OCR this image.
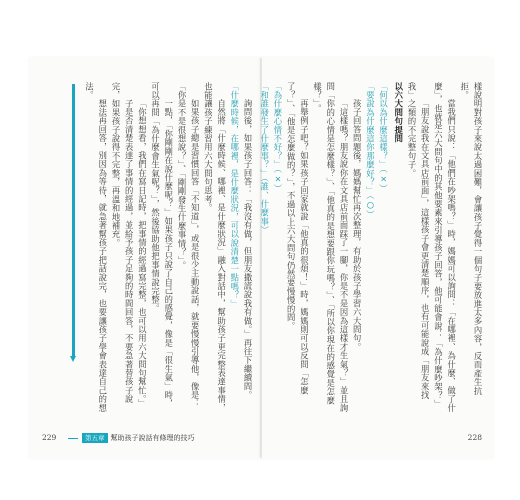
詢問後，如果孩子回答：「我沒有做，但朋友撒謊說我有做。」再往下繼續問。

「什麼時候，在哪裡，是什麼狀況，可以說清楚一點嗎？」

自然將「什麼時候、哪裡、是什麼狀況」融入對話中，幫助孩子更完整表達事情，也能讓孩子練習用六大問句思考。

如果孩子總是習慣回答「不知道」，或是很少主動說話，就要慢慢引導他，像是：「你是不是很想說？」、「剛剛發生什麼事情？」。

一點，「你剛剛在說什麼呢？」如果孩子只說了自己的感覺，像是「很生氣」時，可以再問「為什麼會生氣呢？」，然後協助他把事情說完整。

「你想想看，我們在寫日記時，把事情的經過寫完整，也可以用六大問句幫忙。」

子是否清楚表達了事情的經過，並給予孩子足夠的時間回答，不要急著替孩子說完，如果孩子說得不完整，再溫和地補充。

想法再回答，別因為等待，就急著幫孩子把話說完，也要讓孩子學會表達自己的想法。

229	第五章 幫助孩子說話有條理的技巧

樣說明對孩子來說太過困難，會讓孩子覺得一個句子要放進太多內容，反而產生抗拒。

當我們只說：「他們在吵架嗎？」時，媽媽可以詢問：「在哪裡、為什麼、做了什麼」，也就是六大問句中的其他要素來引導孩子回答，他可能會說：「為什麼吵架？」

「朋友說我在文具店前面」，這樣孩子會更清楚順序，也有可能說成「朋友來找我」之類的不完整句子。

以六大問句提問

「何以為什麼這樣？」（×）

「要說為什麼這你那麼好？」（○）

孩子回答問題後，媽媽幫忙再次整理，有助於孩子學習六大問句。

「這樣嗎？朋友說你在文具店前面踩了一腳，你是不是因為這樣才生氣？」並且詢問「你的心情是怎麼樣？」、「他真的是想要跟你玩嗎？」、「所以你現在的感覺是怎麼樣？」。

再舉例子吧？如果孩子回家就說「他真的很煩！」時，媽媽則可以反問「怎麼了？」、「他是怎麼做的？」，不過以上六大問句仍然要慢慢的問。

「為什麼心情不好？」（×）

「和誰發生了什麼事？」（誰、什麼事）

228
